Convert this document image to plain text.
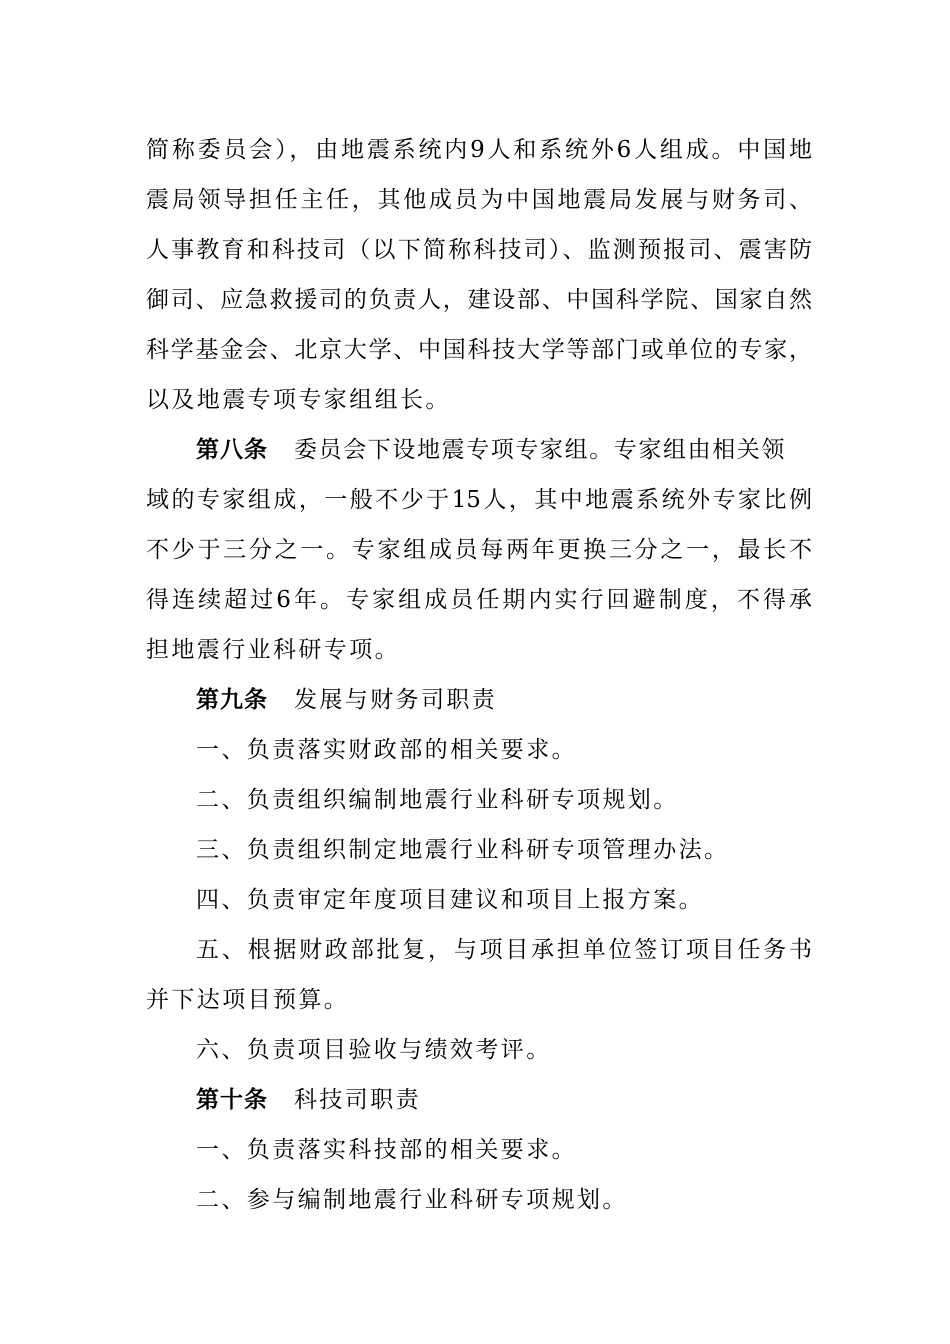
简称委员会），由地震系统内9人和系统外6人组成。中国地
震局领导担任主任，其他成员为中国地震局发展与财务司、
人事教育和科技司（以下简称科技司）、监测预报司、震害防
御司、应急救援司的负责人，建设部、中国科学院、国家自然
科学基金会、北京大学、中国科技大学等部门或单位的专家，
以及地震专项专家组组长。
第八条 委员会下设地震专项专家组。专家组由相关领
域的专家组成，一般不少于15人，其中地震系统外专家比例
不少于三分之一。专家组成员每两年更换三分之一，最长不
得连续超过6年。专家组成员任期内实行回避制度，不得承
担地震行业科研专项。
第九条 发展与财务司职责
一、负责落实财政部的相关要求。
二、负责组织编制地震行业科研专项规划。
三、负责组织制定地震行业科研专项管理办法。
四、负责审定年度项目建议和项目上报方案。
五、根据财政部批复，与项目承担单位签订项目任务书
并下达项目预算。
六、负责项目验收与绩效考评。
第十条 科技司职责
一、负责落实科技部的相关要求。
二、参与编制地震行业科研专项规划。
